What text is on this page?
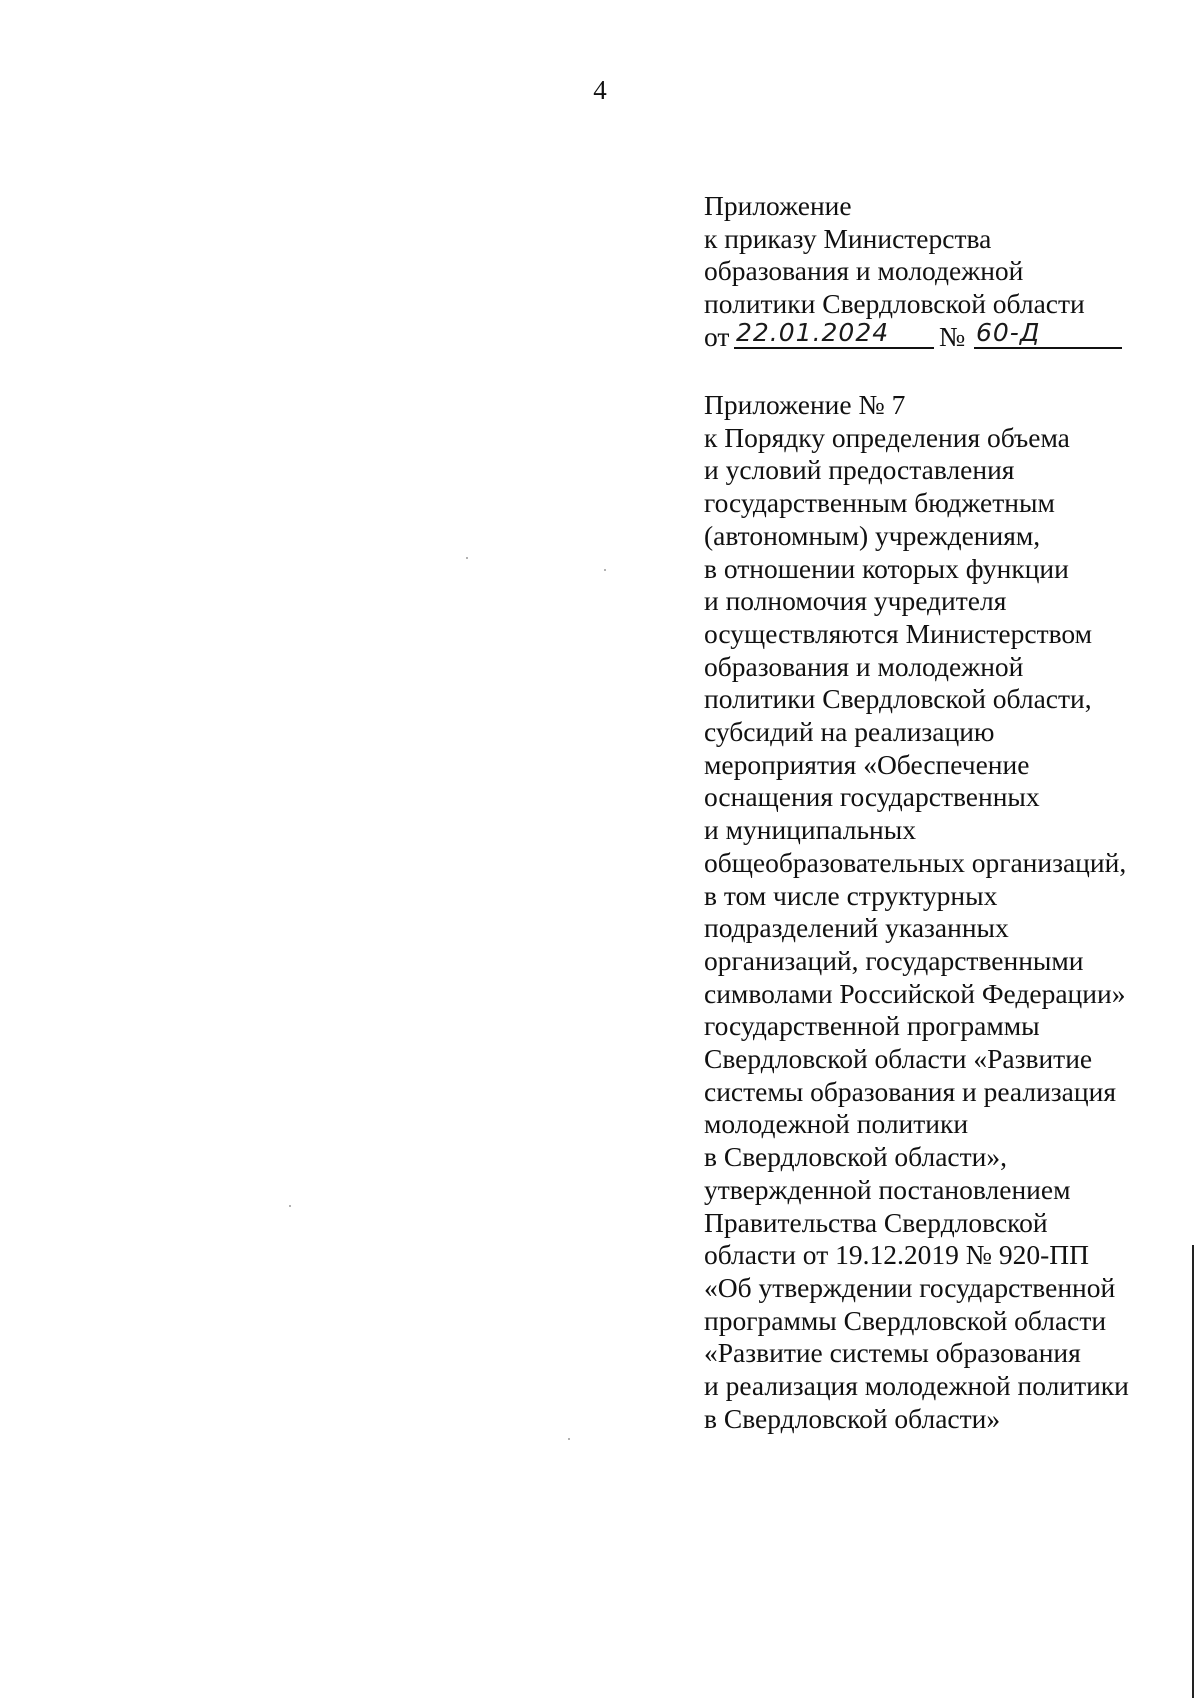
4
Приложение
к приказу Министерства
образования и молодежной
политики Свердловской области
от 22.01.2024	№ 60-Д
Приложение № 7
к Порядку определения объема
и условий предоставления
государственным бюджетным
(автономным) учреждениям,
в отношении которых функции
и полномочия учредителя
осуществляются Министерством
образования и молодежной
политики Свердловской области,
субсидий на реализацию
мероприятия «Обеспечение
оснащения государственных
и муниципальных
общеобразовательных организаций,
в том числе структурных
подразделений указанных
организаций, государственными
символами Российской Федерации»
государственной программы
Свердловской области «Развитие
системы образования и реализация
молодежной политики
в Свердловской области»,
утвержденной постановлением
Правительства Свердловской
области от 19.12.2019 № 920-ПП
«Об утверждении государственной
программы Свердловской области
«Развитие системы образования
и реализация молодежной политики
в Свердловской области»
